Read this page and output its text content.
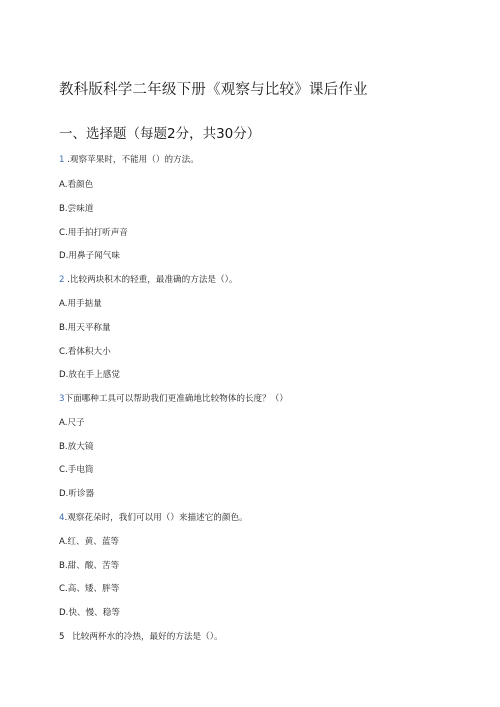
教科版科学二年级下册《观察与比较》课后作业
一、选择题（每题2分，共30分）
1 .观察苹果时，不能用（）的方法。
A.看颜色
B.尝味道
C.用手拍打听声音
D.用鼻子闻气味
2 .比较两块积木的轻重，最准确的方法是（）。
A.用手掂量
B.用天平称量
C.看体积大小
D.放在手上感觉
3下面哪种工具可以帮助我们更准确地比较物体的长度？（）
A.尺子
B.放大镜
C.手电筒
D.听诊器
4.观察花朵时，我们可以用（）来描述它的颜色。
A.红、黄、蓝等
B.甜、酸、苦等
C.高、矮、胖等
D.快、慢、稳等
5 比较两杯水的冷热，最好的方法是（）。
